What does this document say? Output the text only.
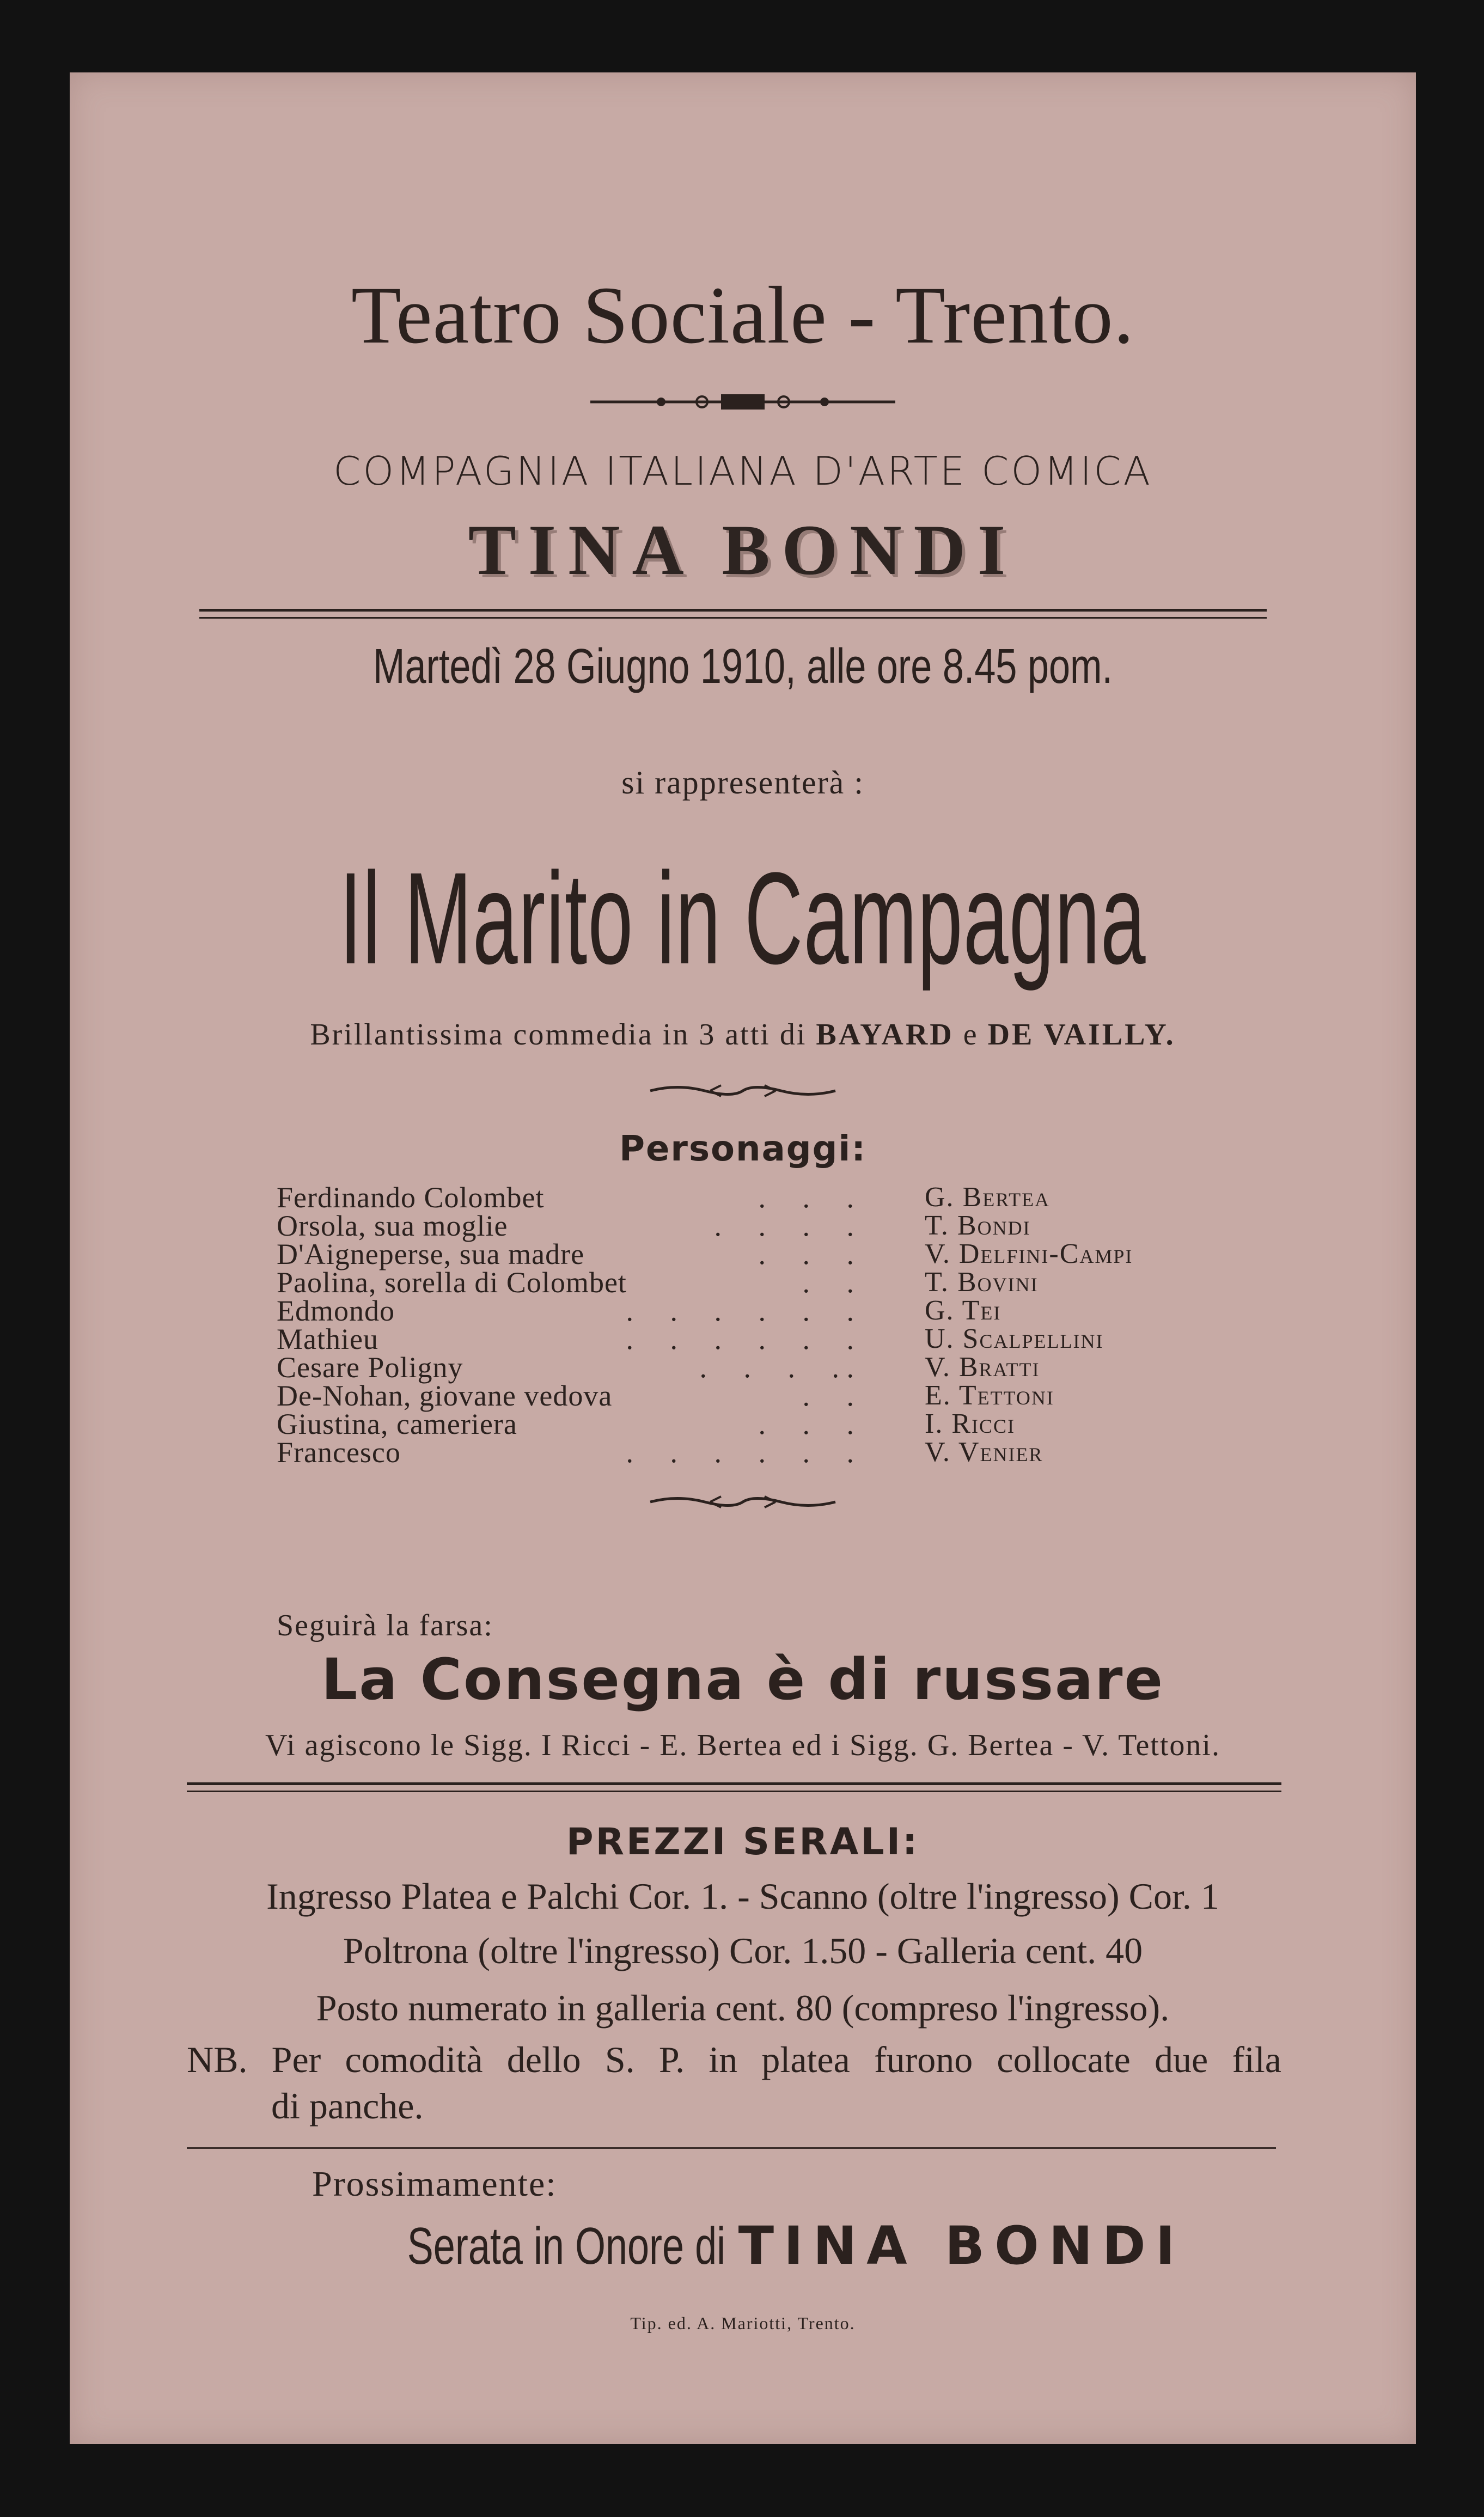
Teatro Sociale - Trento.
COMPAGNIA ITALIANA D'ARTE COMICA
TINA BONDI
Martedì 28 Giugno 1910, alle ore 8.45 pom.
si rappresenterà :
Il Marito in Campagna
Brillantissima commedia in 3 atti di BAYARD e DE VAILLY.
Personaggi:
.     .     .
Ferdinando Colombet	G. Bertea
.     .     .     .
Orsola, sua moglie	T. Bondi
.     .     .
D'Aigneperse, sua madre	V. Delfini-Campi
.     .
Paolina, sorella di Colombet	T. Bovini
.     .     .     .     .     .
Edmondo	G. Tei
.     .     .     .     .     .
Mathieu	U. Scalpellini
.     .     .     . .
Cesare Poligny	V. Bratti
.     .
De-Nohan, giovane vedova	E. Tettoni
.     .     .
Giustina, cameriera	I. Ricci
.     .     .     .     .     .
Francesco	V. Venier
Seguirà la farsa:
La Consegna è di russare
Vi agiscono le Sigg. I Ricci - E. Bertea ed i Sigg. G. Bertea - V. Tettoni.
PREZZI SERALI:
Ingresso Platea e Palchi Cor. 1. - Scanno (oltre l'ingresso) Cor. 1
Poltrona (oltre l'ingresso) Cor. 1.50 - Galleria cent. 40
Posto numerato in galleria cent. 80 (compreso l'ingresso).
NB. Per comodità dello S. P. in platea furono collocate due fila
di panche.
Prossimamente:
Serata in Onore di TINA BONDI
Tip. ed. A. Mariotti, Trento.
